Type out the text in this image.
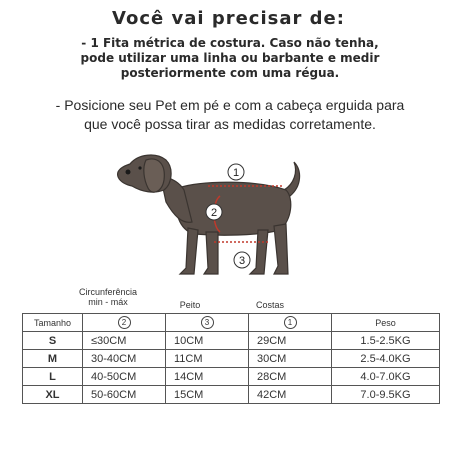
Você vai precisar de:
- 1 Fita métrica de costura. Caso não tenha,
pode utilizar uma linha ou barbante e medir
posteriormente com uma régua.
- Posicione seu Pet em pé e com a cabeça erguida para
que você possa tirar as medidas corretamente.
1
2
3
Circunferência
min - máx	Peito	Costas
Tamanho	2	3	1	Peso
S	≤30CM	10CM	29CM	1.5-2.5KG
M	30-40CM	11CM	30CM	2.5-4.0KG
L	40-50CM	14CM	28CM	4.0-7.0KG
XL	50-60CM	15CM	42CM	7.0-9.5KG
